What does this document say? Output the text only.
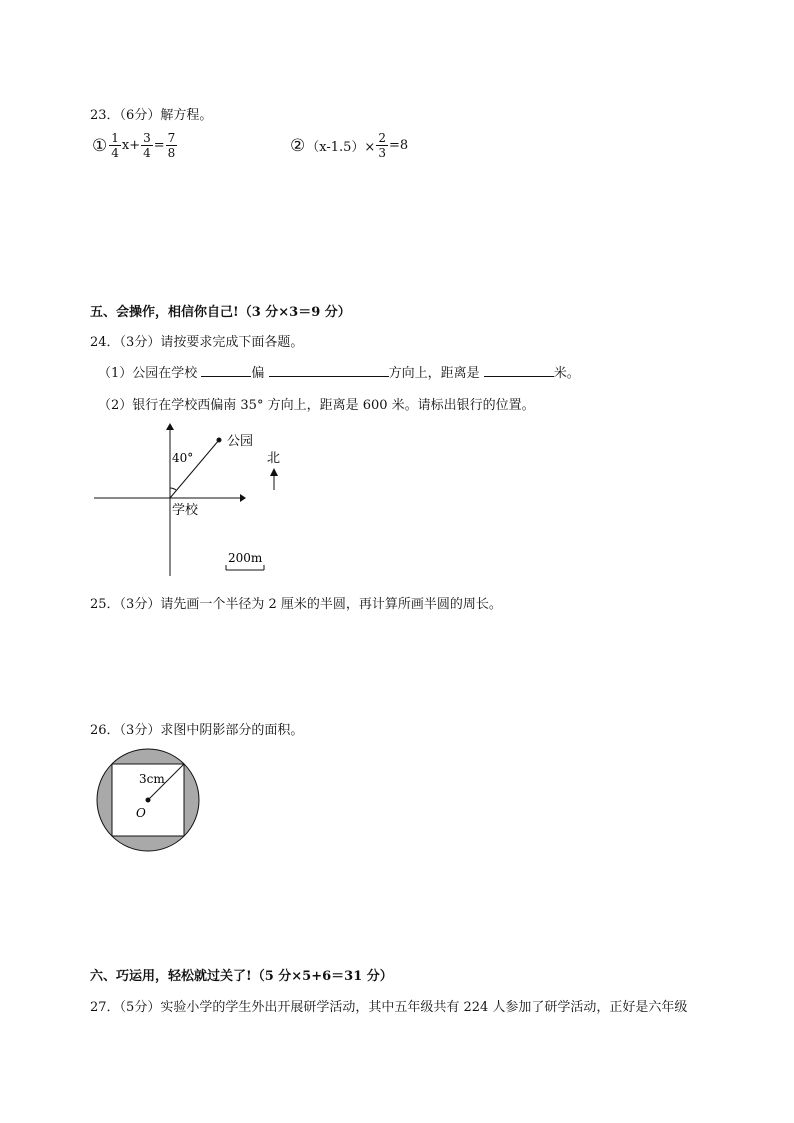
23．（6分）解方程。
① $\frac{1}{4} x+ \frac{3}{4} = \frac{7}{8}$	② $(x-1.5)\times \frac{2}{3} =8$
五、会操作，相信你自己!（3 分×3＝9 分）
24．（3分）请按要求完成下面各题。
（1）公园在学校	偏	方向上，距离是	米。
（2）银行在学校西偏南 35° 方向上，距离是 600 米。请标出银行的位置。
公园
40°	北
学校
200m
25．（3分）请先画一个半径为 2 厘米的半圆，再计算所画半圆的周长。
26．（3分）求图中阴影部分的面积。
3cm
O
六、巧运用，轻松就过关了!（5 分×5+6＝31 分）
27．（5分）实验小学的学生外出开展研学活动，其中五年级共有 224 人参加了研学活动，正好是六年级
